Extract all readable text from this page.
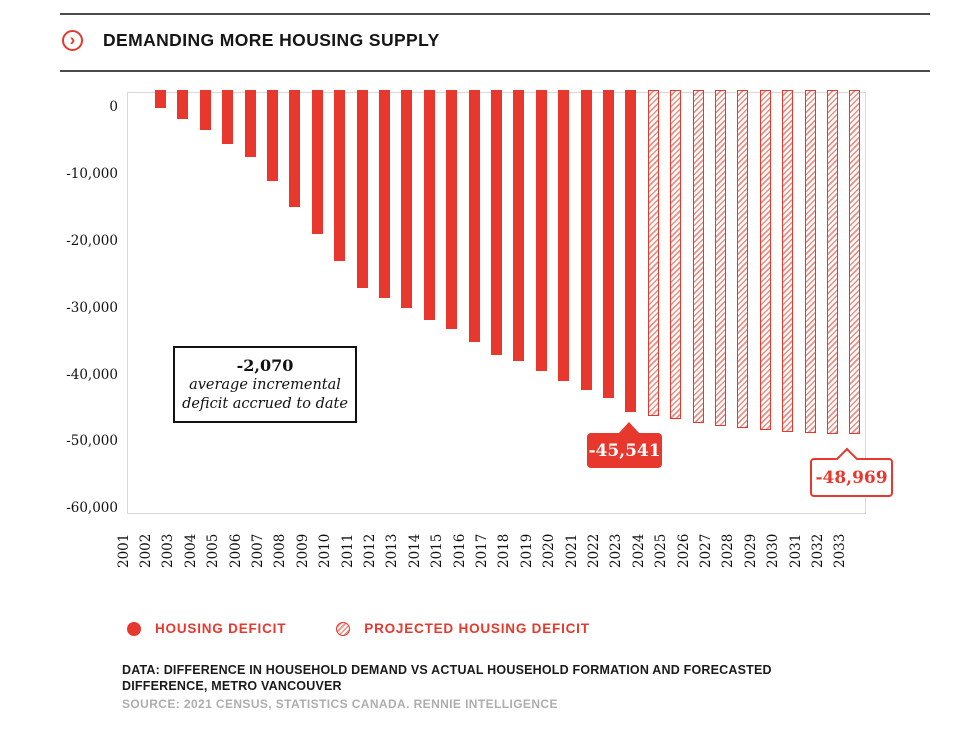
›	DEMANDING MORE HOUSING SUPPLY
0
-10,000
-20,000
-30,000
-40,000
-50,000
-60,000
2001 2002 2003 2004 2005 2006 2007 2008 2009 2010 2011 2012 2013 2014 2015 2016 2017 2018 2019 2020 2021 2022 2023 2024 2025 2026 2027 2028 2029 2030 2031 2032 2033
-2,070
average incremental
deficit accrued to date
-45,541
-48,969
HOUSING DEFICIT	PROJECTED HOUSING DEFICIT
DATA: DIFFERENCE IN HOUSEHOLD DEMAND VS ACTUAL HOUSEHOLD FORMATION AND FORECASTED DIFFERENCE, METRO VANCOUVER
SOURCE: 2021 CENSUS, STATISTICS CANADA. RENNIE INTELLIGENCE
